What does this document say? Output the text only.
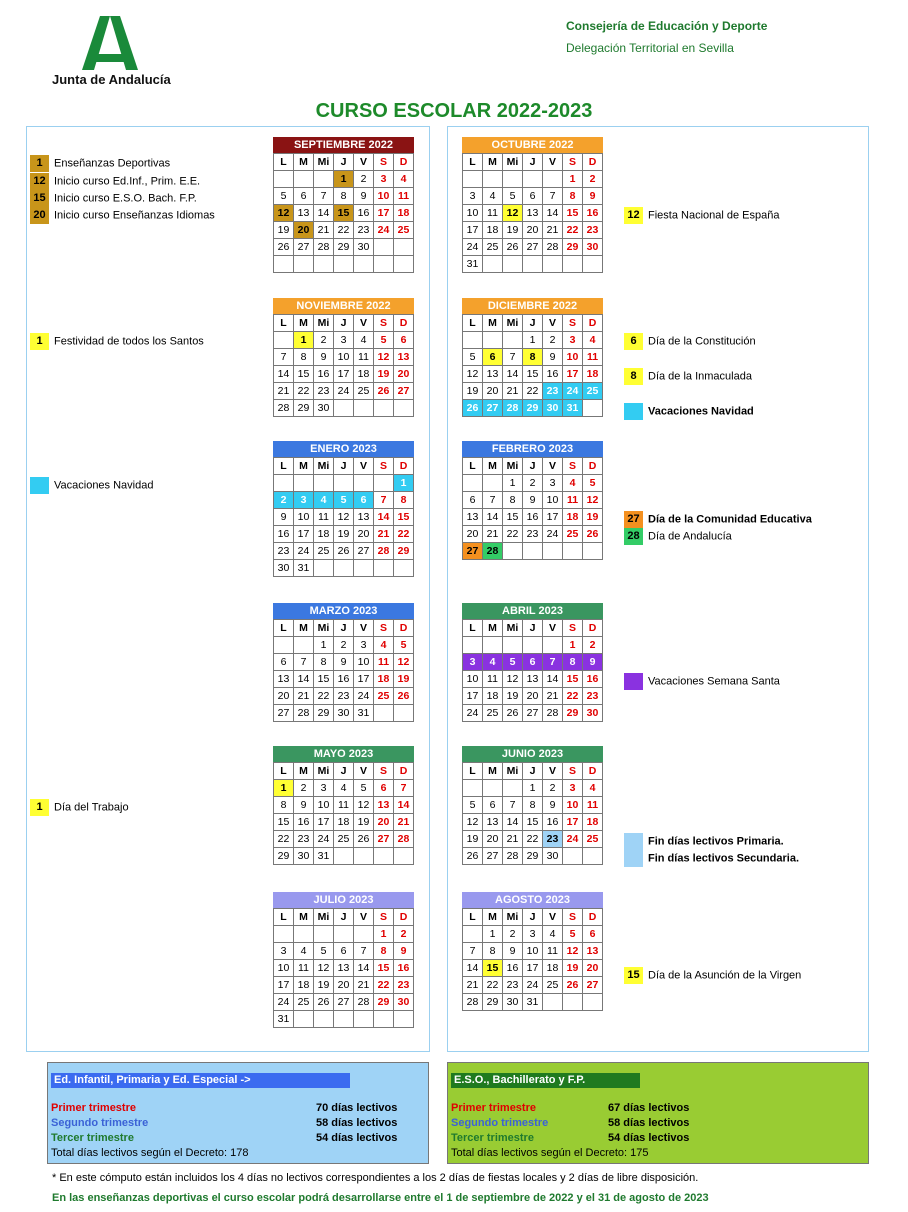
Junta de Andalucía
Consejería de Educación y Deporte
Delegación Territorial en Sevilla
CURSO ESCOLAR 2022-2023
SEPTIEMBRE 2022
L	M	Mi	J	V	S	D
			1	2	3	4
5	6	7	8	9	10	11
12	13	14	15	16	17	18
19	20	21	22	23	24	25
26	27	28	29	30		

OCTUBRE 2022
L	M	Mi	J	V	S	D
					1	2
3	4	5	6	7	8	9
10	11	12	13	14	15	16
17	18	19	20	21	22	23
24	25	26	27	28	29	30
31						
NOVIEMBRE 2022
L	M	Mi	J	V	S	D
	1	2	3	4	5	6
7	8	9	10	11	12	13
14	15	16	17	18	19	20
21	22	23	24	25	26	27
28	29	30				
DICIEMBRE 2022
L	M	Mi	J	V	S	D
			1	2	3	4
5	6	7	8	9	10	11
12	13	14	15	16	17	18
19	20	21	22	23	24	25
26	27	28	29	30	31	
ENERO 2023
L	M	Mi	J	V	S	D
						1
2	3	4	5	6	7	8
9	10	11	12	13	14	15
16	17	18	19	20	21	22
23	24	25	26	27	28	29
30	31					
FEBRERO 2023
L	M	Mi	J	V	S	D
		1	2	3	4	5
6	7	8	9	10	11	12
13	14	15	16	17	18	19
20	21	22	23	24	25	26
27	28					
MARZO 2023
L	M	Mi	J	V	S	D
		1	2	3	4	5
6	7	8	9	10	11	12
13	14	15	16	17	18	19
20	21	22	23	24	25	26
27	28	29	30	31		
ABRIL 2023
L	M	Mi	J	V	S	D
					1	2
3	4	5	6	7	8	9
10	11	12	13	14	15	16
17	18	19	20	21	22	23
24	25	26	27	28	29	30
MAYO 2023
L	M	Mi	J	V	S	D
1	2	3	4	5	6	7
8	9	10	11	12	13	14
15	16	17	18	19	20	21
22	23	24	25	26	27	28
29	30	31				
JUNIO 2023
L	M	Mi	J	V	S	D
			1	2	3	4
5	6	7	8	9	10	11
12	13	14	15	16	17	18
19	20	21	22	23	24	25
26	27	28	29	30		
JULIO 2023
L	M	Mi	J	V	S	D
					1	2
3	4	5	6	7	8	9
10	11	12	13	14	15	16
17	18	19	20	21	22	23
24	25	26	27	28	29	30
31						
AGOSTO 2023
L	M	Mi	J	V	S	D
	1	2	3	4	5	6
7	8	9	10	11	12	13
14	15	16	17	18	19	20
21	22	23	24	25	26	27
28	29	30	31			
1 Enseñanzas Deportivas
12 Inicio curso Ed.Inf., Prim. E.E.
15 Inicio curso E.S.O. Bach. F.P.
20 Inicio curso Enseñanzas Idiomas	12 Fiesta Nacional de España
1 Festividad de todos los Santos	6 Día de la Constitución
8 Día de la Inmaculada
Vacaciones Navidad
Vacaciones Navidad
27 Día de la Comunidad Educativa
28 Día de Andalucía
Vacaciones Semana Santa
1 Día del Trabajo
Fin días lectivos Primaria.
Fin días lectivos Secundaria.
15 Día de la Asunción de la Virgen
Ed. Infantil, Primaria y Ed. Especial ->
Primer trimestre	70 días lectivos
Segundo trimestre	58 días lectivos
Tercer trimestre	54 días lectivos
Total días lectivos según el Decreto: 178
E.S.O., Bachillerato y F.P.
Primer trimestre	67 días lectivos
Segundo trimestre	58 días lectivos
Tercer trimestre	54 días lectivos
Total días lectivos según el Decreto: 175
* En este cómputo están incluidos los 4 días no lectivos correspondientes a los 2 días de fiestas locales y 2 días de libre disposición.
En las enseñanzas deportivas el curso escolar podrá desarrollarse entre el 1 de septiembre de 2022 y el 31 de agosto de 2023
